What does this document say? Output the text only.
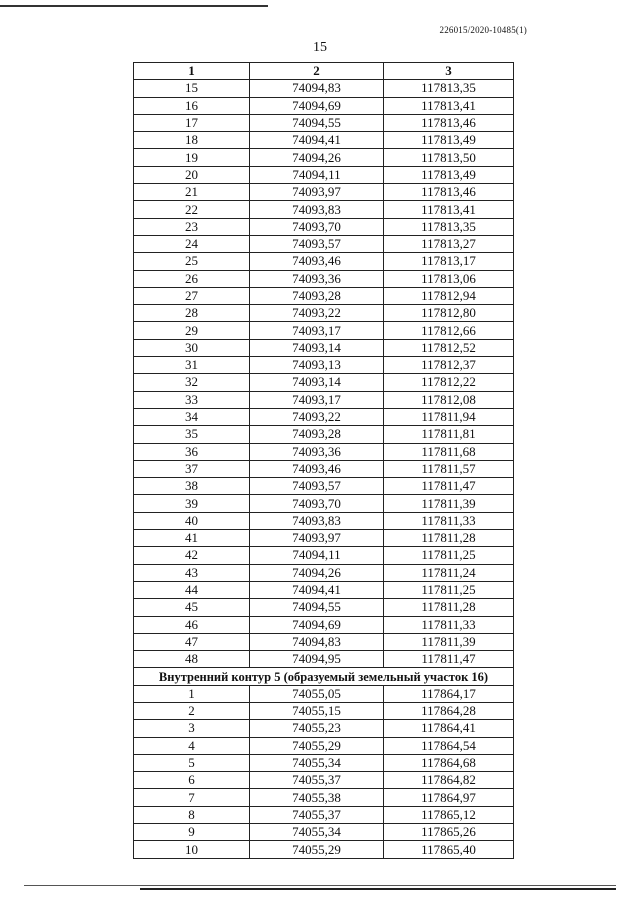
226015/2020-10485(1)
15
1	2	3
15	74094,83	117813,35
16	74094,69	117813,41
17	74094,55	117813,46
18	74094,41	117813,49
19	74094,26	117813,50
20	74094,11	117813,49
21	74093,97	117813,46
22	74093,83	117813,41
23	74093,70	117813,35
24	74093,57	117813,27
25	74093,46	117813,17
26	74093,36	117813,06
27	74093,28	117812,94
28	74093,22	117812,80
29	74093,17	117812,66
30	74093,14	117812,52
31	74093,13	117812,37
32	74093,14	117812,22
33	74093,17	117812,08
34	74093,22	117811,94
35	74093,28	117811,81
36	74093,36	117811,68
37	74093,46	117811,57
38	74093,57	117811,47
39	74093,70	117811,39
40	74093,83	117811,33
41	74093,97	117811,28
42	74094,11	117811,25
43	74094,26	117811,24
44	74094,41	117811,25
45	74094,55	117811,28
46	74094,69	117811,33
47	74094,83	117811,39
48	74094,95	117811,47
Внутренний контур 5 (образуемый земельный участок 16)		
1	74055,05	117864,17
2	74055,15	117864,28
3	74055,23	117864,41
4	74055,29	117864,54
5	74055,34	117864,68
6	74055,37	117864,82
7	74055,38	117864,97
8	74055,37	117865,12
9	74055,34	117865,26
10	74055,29	117865,40
